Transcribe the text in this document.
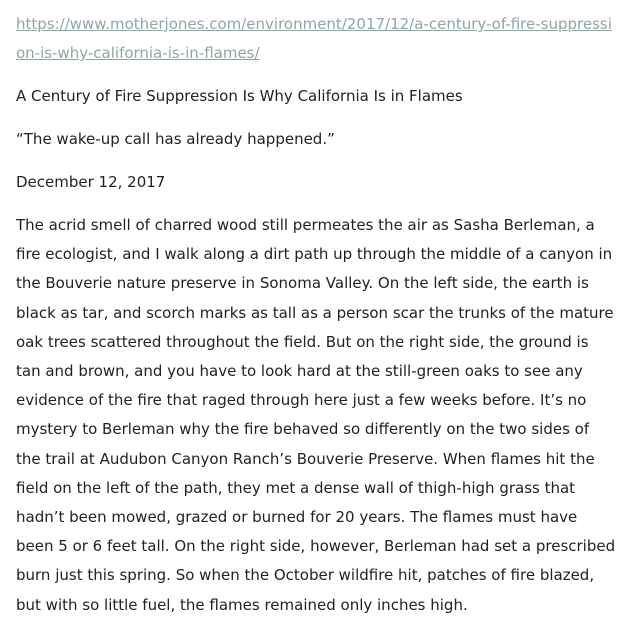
https://www.motherjones.com/environment/2017/12/a-century-of-fire-suppression-is-why-california-is-in-flames/

A Century of Fire Suppression Is Why California Is in Flames

“The wake-up call has already happened.”

December 12, 2017

The acrid smell of charred wood still permeates the air as Sasha Berleman, a fire ecologist, and I walk along a dirt path up through the middle of a canyon in the Bouverie nature preserve in Sonoma Valley. On the left side, the earth is black as tar, and scorch marks as tall as a person scar the trunks of the mature oak trees scattered throughout the field. But on the right side, the ground is tan and brown, and you have to look hard at the still-green oaks to see any evidence of the fire that raged through here just a few weeks before. It’s no mystery to Berleman why the fire behaved so differently on the two sides of the trail at Audubon Canyon Ranch’s Bouverie Preserve. When flames hit the field on the left of the path, they met a dense wall of thigh-high grass that hadn’t been mowed, grazed or burned for 20 years. The flames must have been 5 or 6 feet tall. On the right side, however, Berleman had set a prescribed burn just this spring. So when the October wildfire hit, patches of fire blazed, but with so little fuel, the flames remained only inches high.
